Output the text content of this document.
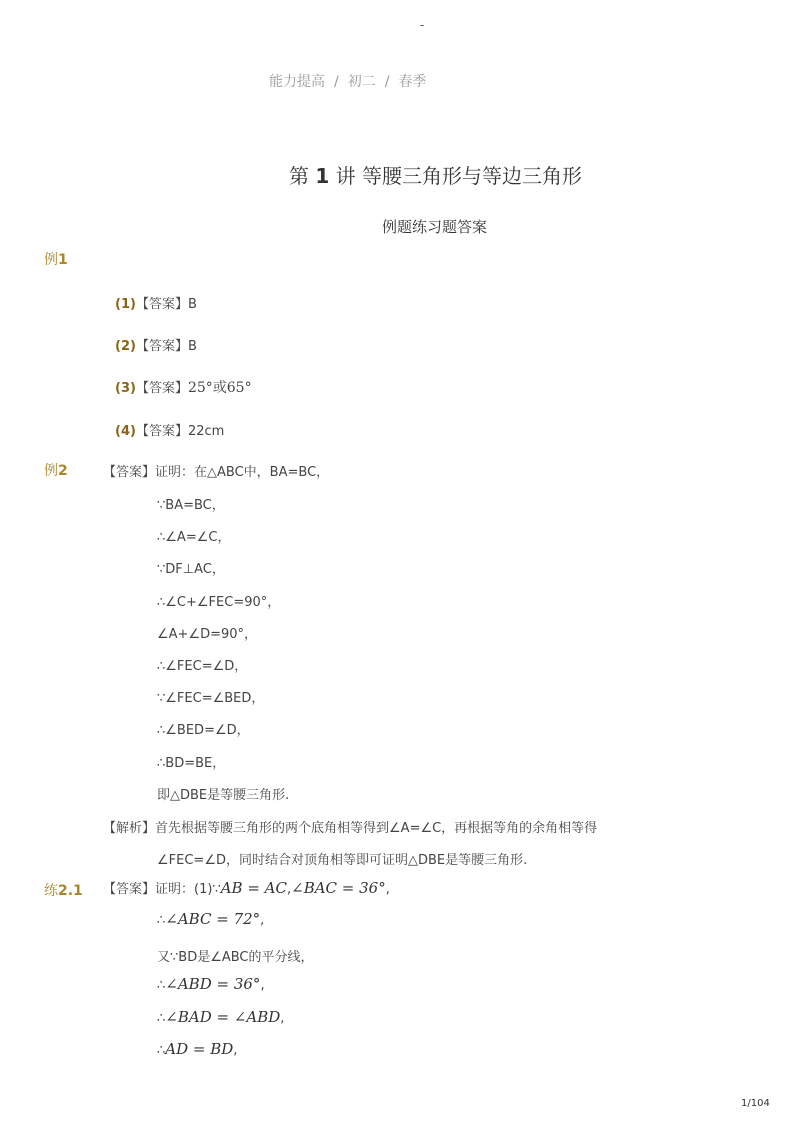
-
能力提高 / 初二 / 春季
第 1 讲 等腰三角形与等边三角形
例题练习题答案
例1
(1)【答案】B
(2)【答案】B
(3)【答案】25°或65°
(4)【答案】22cm
例2	【答案】证明：在△ABC中，BA=BC，
∵BA=BC，
∴∠A=∠C，
∵DF⊥AC，
∴∠C+∠FEC=90°，
∠A+∠D=90°，
∴∠FEC=∠D，
∵∠FEC=∠BED，
∴∠BED=∠D，
∴BD=BE，
即△DBE是等腰三角形.
【解析】首先根据等腰三角形的两个底角相等得到∠A=∠C，再根据等角的余角相等得
∠FEC=∠D，同时结合对顶角相等即可证明△DBE是等腰三角形.
练2.1 【答案】证明：(1)∵AB = AC,∠BAC = 36°,
∴∠ABC = 72°,
又∵BD是∠ABC的平分线，
∴∠ABD = 36°,
∴∠BAD = ∠ABD,
∴AD = BD,
1/104
